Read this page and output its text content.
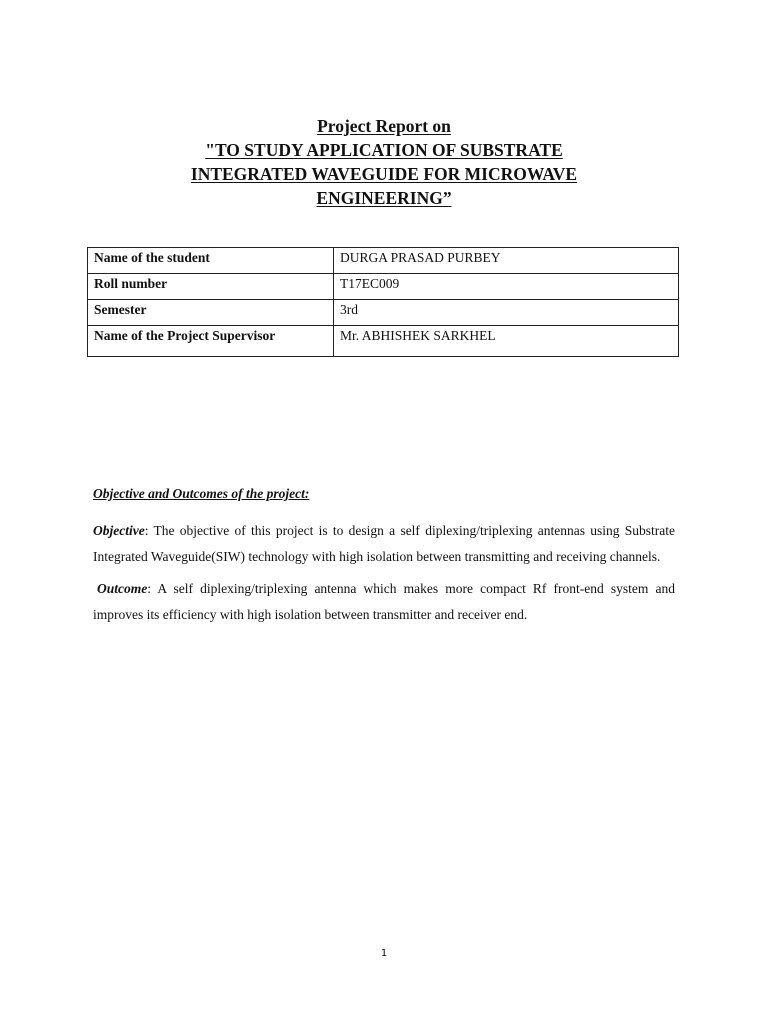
Project Report on
"TO STUDY APPLICATION OF SUBSTRATE
INTEGRATED WAVEGUIDE FOR MICROWAVE
ENGINEERING”
Name of the student	DURGA PRASAD PURBEY
Roll number	T17EC009
Semester	3rd
Name of the Project Supervisor	Mr. ABHISHEK SARKHEL
Objective and Outcomes of the project:

Objective: The objective of this project is to design a self diplexing/triplexing antennas using Substrate Integrated Waveguide(SIW) technology with high isolation between transmitting and receiving channels.

Outcome: A self diplexing/triplexing antenna which makes more compact Rf front-end system and improves its efficiency with high isolation between transmitter and receiver end.

1
